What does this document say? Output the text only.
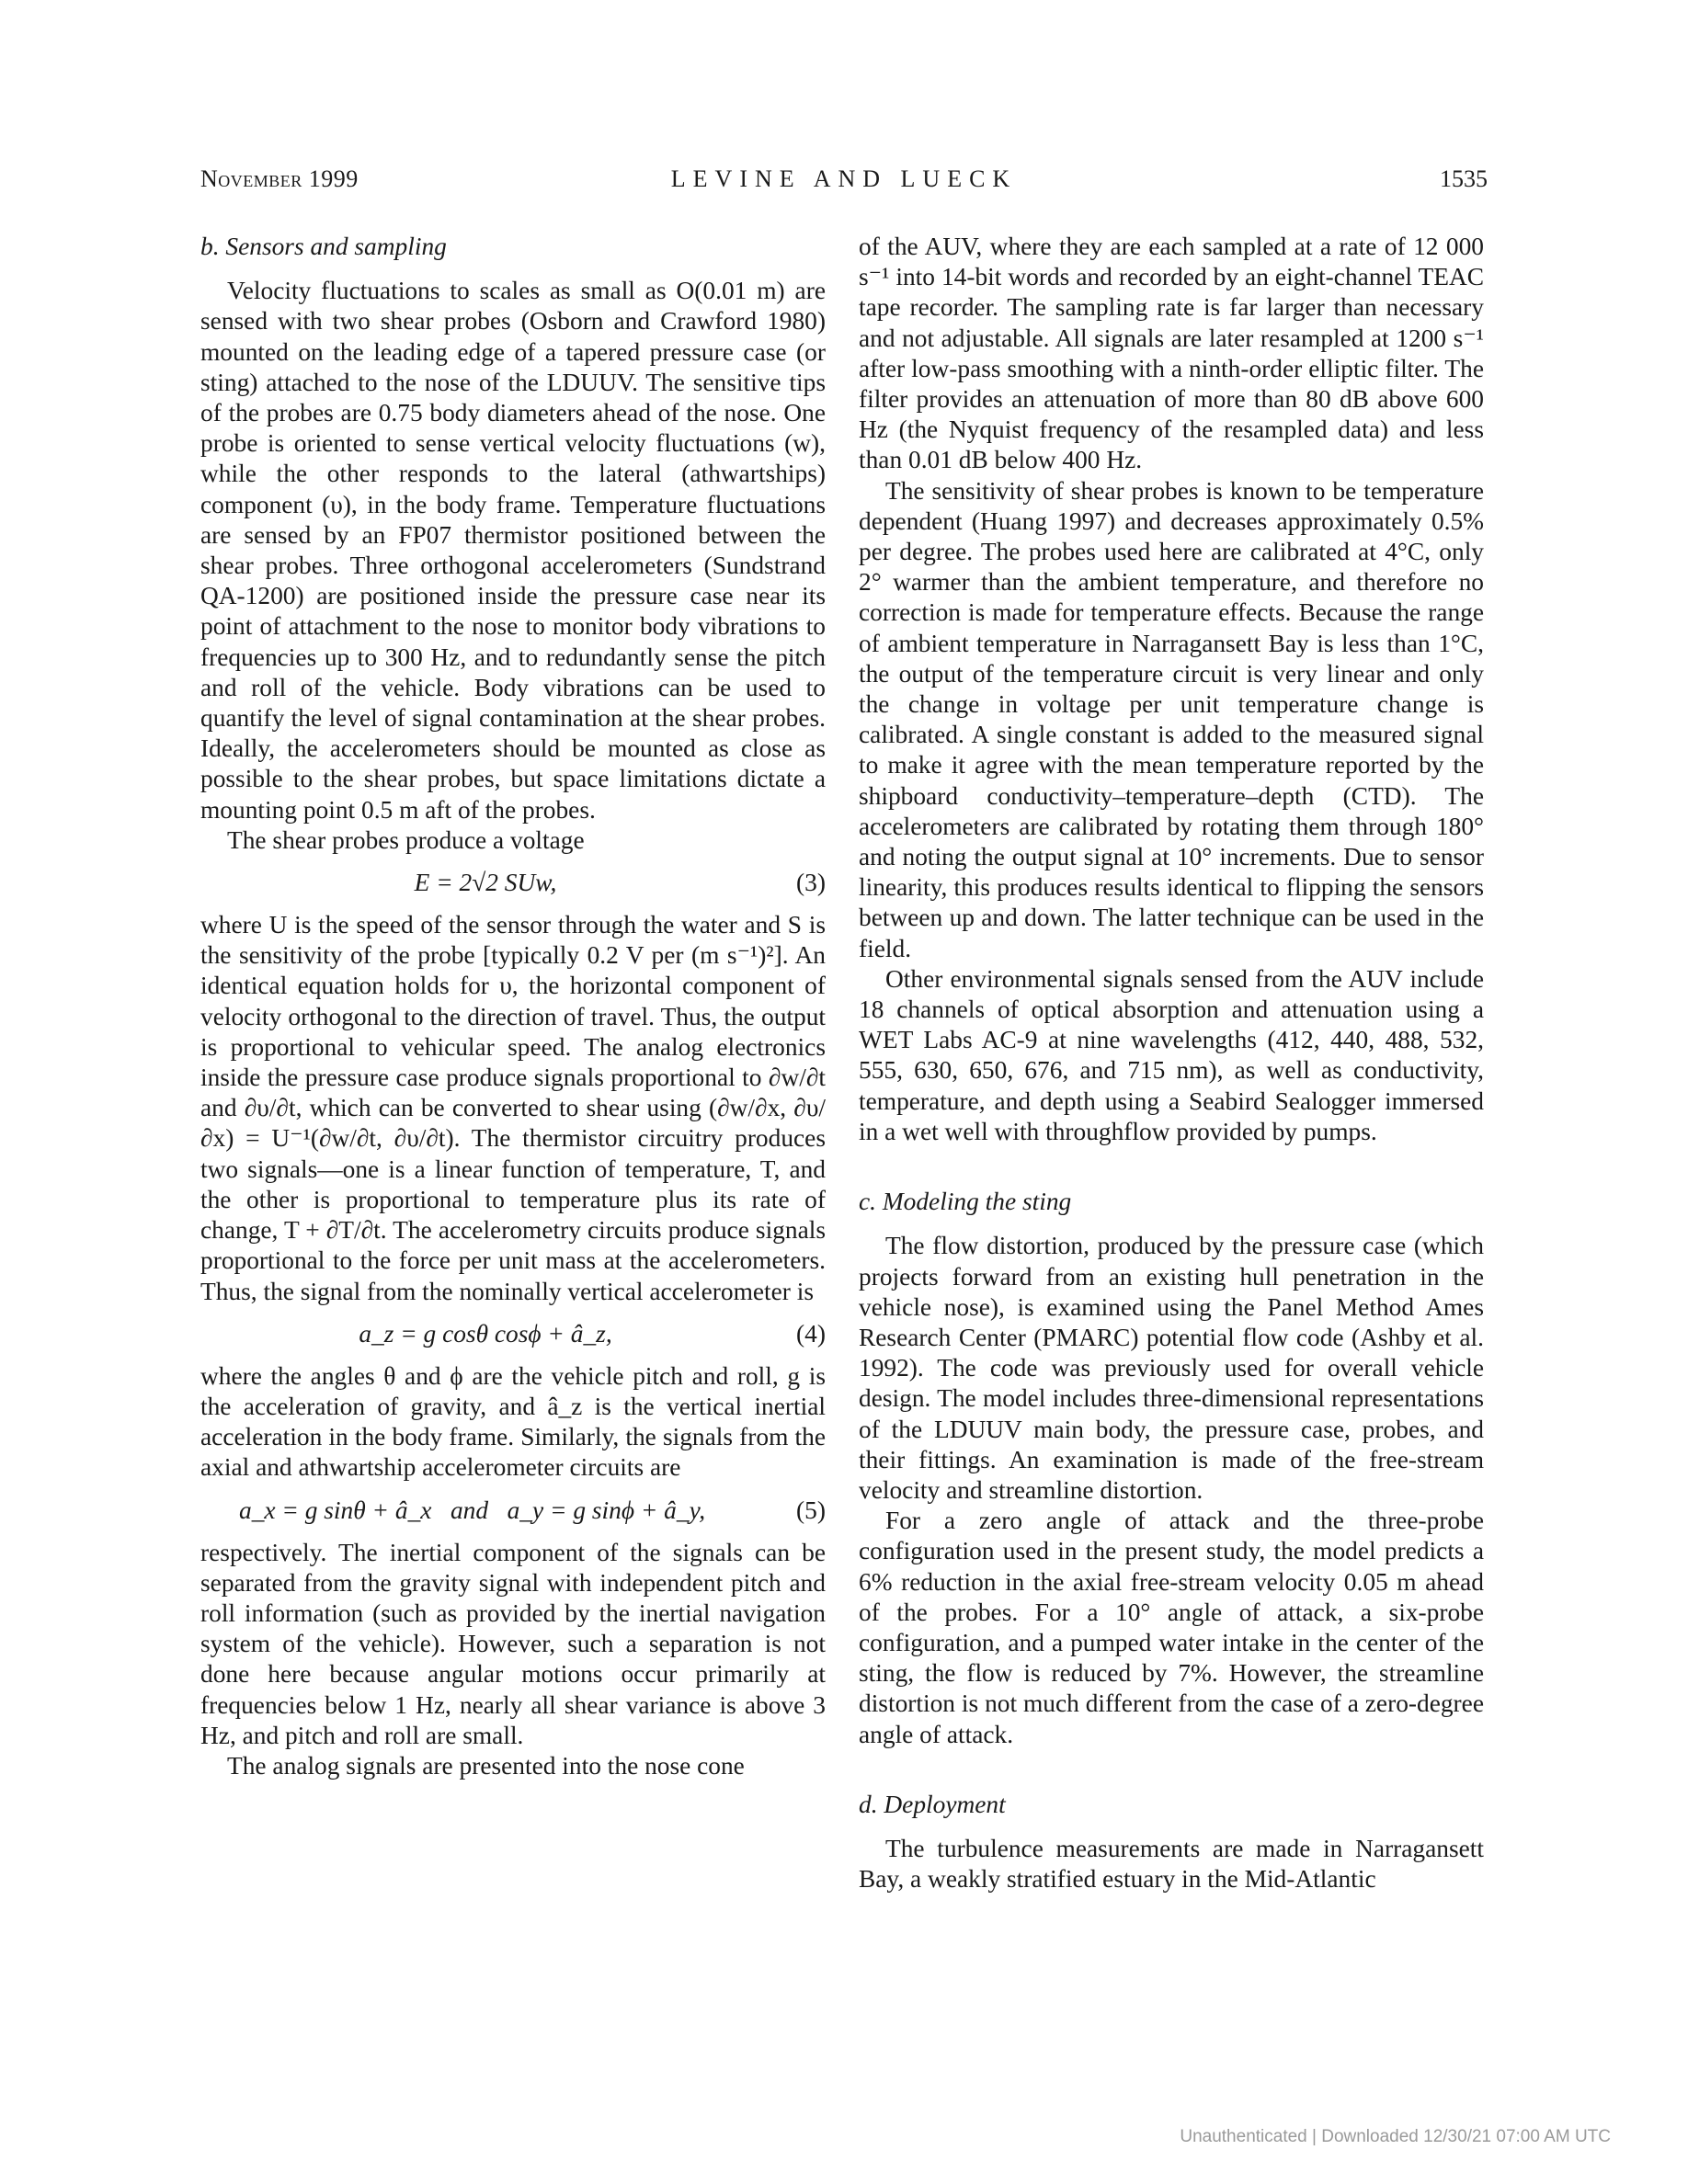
November 1999	LEVINE AND LUECK	1535
b. Sensors and sampling

Velocity fluctuations to scales as small as O(0.01 m) are sensed with two shear probes (Osborn and Crawford 1980) mounted on the leading edge of a tapered pressure case (or sting) attached to the nose of the LDUUV. The sensitive tips of the probes are 0.75 body diameters ahead of the nose. One probe is oriented to sense vertical velocity fluctuations (w), while the other responds to the lateral (athwartships) component (υ), in the body frame. Temperature fluctuations are sensed by an FP07 thermistor positioned between the shear probes. Three orthogonal accelerometers (Sundstrand QA-1200) are positioned inside the pressure case near its point of attachment to the nose to monitor body vibrations to frequencies up to 300 Hz, and to redundantly sense the pitch and roll of the vehicle. Body vibrations can be used to quantify the level of signal contamination at the shear probes. Ideally, the accelerometers should be mounted as close as possible to the shear probes, but space limitations dictate a mounting point 0.5 m aft of the probes.

The shear probes produce a voltage

E = 2√2 SUw,	(3)

where U is the speed of the sensor through the water and S is the sensitivity of the probe [typically 0.2 V per (m s⁻¹)²]. An identical equation holds for υ, the horizontal component of velocity orthogonal to the direction of travel. Thus, the output is proportional to vehicular speed. The analog electronics inside the pressure case produce signals proportional to ∂w/∂t and ∂υ/∂t, which can be converted to shear using (∂w/∂x, ∂υ/∂x) = U⁻¹(∂w/∂t, ∂υ/∂t). The thermistor circuitry produces two signals—one is a linear function of temperature, T, and the other is proportional to temperature plus its rate of change, T + ∂T/∂t. The accelerometry circuits produce signals proportional to the force per unit mass at the accelerometers. Thus, the signal from the nominally vertical accelerometer is

a_z = g cosθ cosϕ + â_z,	(4)

where the angles θ and ϕ are the vehicle pitch and roll, g is the acceleration of gravity, and â_z is the vertical inertial acceleration in the body frame. Similarly, the signals from the axial and athwartship accelerometer circuits are

a_x = g sinθ + â_x   and   a_y = g sinϕ + â_y,	(5)

respectively. The inertial component of the signals can be separated from the gravity signal with independent pitch and roll information (such as provided by the inertial navigation system of the vehicle). However, such a separation is not done here because angular motions occur primarily at frequencies below 1 Hz, nearly all shear variance is above 3 Hz, and pitch and roll are small.

The analog signals are presented into the nose cone

of the AUV, where they are each sampled at a rate of 12 000 s⁻¹ into 14-bit words and recorded by an eight-channel TEAC tape recorder. The sampling rate is far larger than necessary and not adjustable. All signals are later resampled at 1200 s⁻¹ after low-pass smoothing with a ninth-order elliptic filter. The filter provides an attenuation of more than 80 dB above 600 Hz (the Nyquist frequency of the resampled data) and less than 0.01 dB below 400 Hz.

The sensitivity of shear probes is known to be temperature dependent (Huang 1997) and decreases approximately 0.5% per degree. The probes used here are calibrated at 4°C, only 2° warmer than the ambient temperature, and therefore no correction is made for temperature effects. Because the range of ambient temperature in Narragansett Bay is less than 1°C, the output of the temperature circuit is very linear and only the change in voltage per unit temperature change is calibrated. A single constant is added to the measured signal to make it agree with the mean temperature reported by the shipboard conductivity–temperature–depth (CTD). The accelerometers are calibrated by rotating them through 180° and noting the output signal at 10° increments. Due to sensor linearity, this produces results identical to flipping the sensors between up and down. The latter technique can be used in the field.

Other environmental signals sensed from the AUV include 18 channels of optical absorption and attenuation using a WET Labs AC-9 at nine wavelengths (412, 440, 488, 532, 555, 630, 650, 676, and 715 nm), as well as conductivity, temperature, and depth using a Seabird Sealogger immersed in a wet well with throughflow provided by pumps.

c. Modeling the sting

The flow distortion, produced by the pressure case (which projects forward from an existing hull penetration in the vehicle nose), is examined using the Panel Method Ames Research Center (PMARC) potential flow code (Ashby et al. 1992). The code was previously used for overall vehicle design. The model includes three-dimensional representations of the LDUUV main body, the pressure case, probes, and their fittings. An examination is made of the free-stream velocity and streamline distortion.

For a zero angle of attack and the three-probe configuration used in the present study, the model predicts a 6% reduction in the axial free-stream velocity 0.05 m ahead of the probes. For a 10° angle of attack, a six-probe configuration, and a pumped water intake in the center of the sting, the flow is reduced by 7%. However, the streamline distortion is not much different from the case of a zero-degree angle of attack.

d. Deployment

The turbulence measurements are made in Narragansett Bay, a weakly stratified estuary in the Mid-Atlantic

Unauthenticated | Downloaded 12/30/21 07:00 AM UTC
